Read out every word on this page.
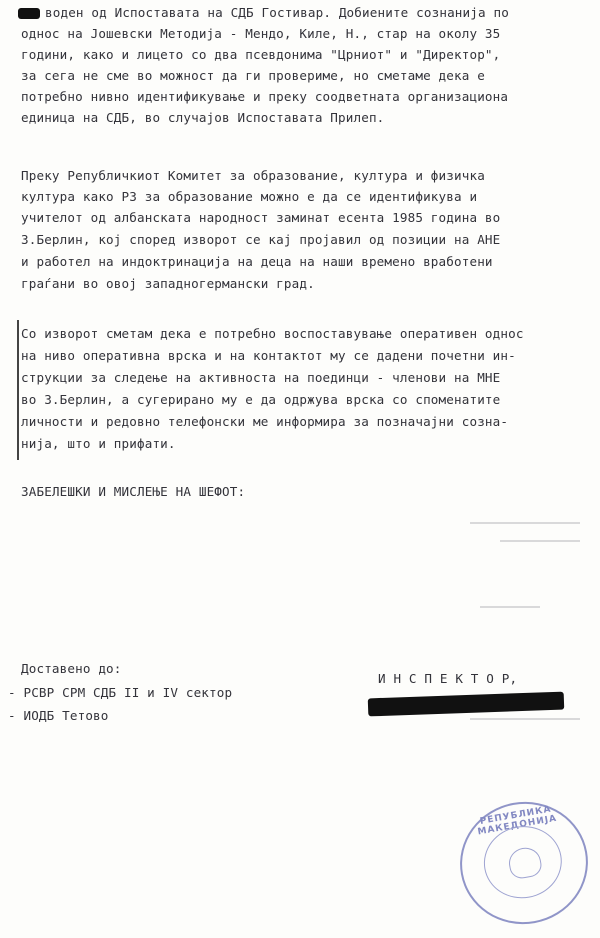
воден од Испоставата на СДБ Гостивар. Добиените сознанија по
однос на Јошевски Методија - Мендо, Киле, Н., стар на околу 35
години, како и лицето со два псевдонима "Црниот" и "Директор",
за сега не сме во можност да ги провериме, но сметаме дека е
потребно нивно идентификување и преку соодветната организациона
единица на СДБ, во случајов Испоставата Прилеп.
Преку Републичкиот Комитет за образование, култура и физичка
култура како РЗ за образование можно е да се идентификува и
учителот од албанската народност заминат есента 1985 година во
З.Берлин, кој според изворот се кај пројавил од позиции на АНЕ
и работел на индоктринација на деца на наши времено вработени
граѓани во овој западногермански град.
Со изворот сметам дека е потребно воспоставување оперативен однос
на ниво оперативна врска и на контактот му се дадени почетни ин-
струкции за следење на активноста на поединци - членови на МНЕ
во З.Берлин, а сугерирано му е да одржува врска со споменатите
личности и редовно телефонски ме информира за позначајни созна-
нија, што и прифати.
ЗАБЕЛЕШКИ И МИСЛЕЊЕ НА ШЕФОТ:
Доставено до:
- РСВР СРМ СДБ II и IV сектор
- ИОДБ Тетово
И Н С П Е К Т О Р,
РЕПУБЛИКА МАКЕДОНИЈА
